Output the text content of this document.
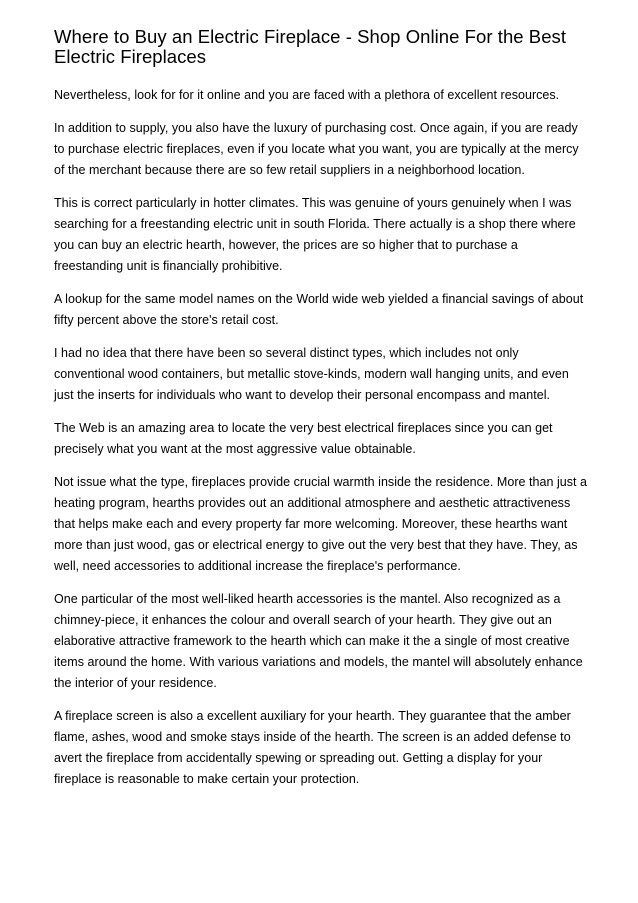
Where to Buy an Electric Fireplace - Shop Online For the Best Electric Fireplaces

Nevertheless, look for for it online and you are faced with a plethora of excellent resources.

In addition to supply, you also have the luxury of purchasing cost. Once again, if you are ready to purchase electric fireplaces, even if you locate what you want, you are typically at the mercy of the merchant because there are so few retail suppliers in a neighborhood location.

This is correct particularly in hotter climates. This was genuine of yours genuinely when I was searching for a freestanding electric unit in south Florida. There actually is a shop there where you can buy an electric hearth, however, the prices are so higher that to purchase a freestanding unit is financially prohibitive.

A lookup for the same model names on the World wide web yielded a financial savings of about fifty percent above the store's retail cost.

I had no idea that there have been so several distinct types, which includes not only conventional wood containers, but metallic stove-kinds, modern wall hanging units, and even just the inserts for individuals who want to develop their personal encompass and mantel.

The Web is an amazing area to locate the very best electrical fireplaces since you can get precisely what you want at the most aggressive value obtainable.

Not issue what the type, fireplaces provide crucial warmth inside the residence. More than just a heating program, hearths provides out an additional atmosphere and aesthetic attractiveness that helps make each and every property far more welcoming. Moreover, these hearths want more than just wood, gas or electrical energy to give out the very best that they have. They, as well, need accessories to additional increase the fireplace's performance.

One particular of the most well-liked hearth accessories is the mantel. Also recognized as a chimney-piece, it enhances the colour and overall search of your hearth. They give out an elaborative attractive framework to the hearth which can make it the a single of most creative items around the home. With various variations and models, the mantel will absolutely enhance the interior of your residence.

A fireplace screen is also a excellent auxiliary for your hearth. They guarantee that the amber flame, ashes, wood and smoke stays inside of the hearth. The screen is an added defense to avert the fireplace from accidentally spewing or spreading out. Getting a display for your fireplace is reasonable to make certain your protection.
